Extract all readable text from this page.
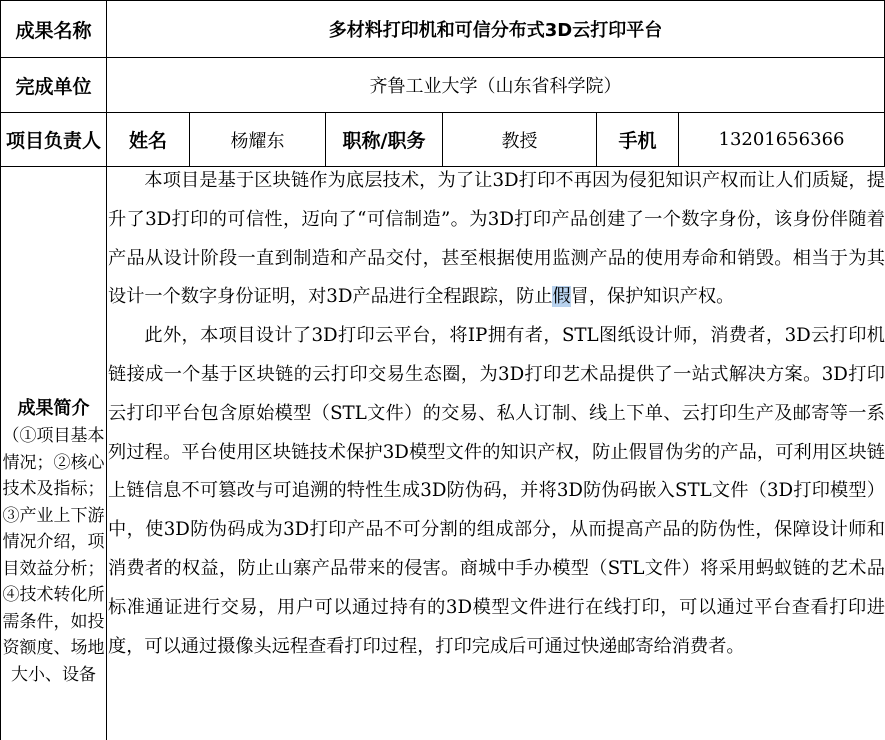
成果名称	多材料打印机和可信分布式3D云打印平台
完成单位	齐鲁工业大学（山东省科学院）
项目负责人	姓名	杨耀东	职称/职务	教授	手机	13201656366
成果简介
（①项目基本情况；②核心技术及指标；③产业上下游情况介绍，项目效益分析；④技术转化所需条件，如投资额度、场地大小、设备

本项目是基于区块链作为底层技术，为了让3D打印不再因为侵犯知识产权而让人们质疑，提升了3D打印的可信性，迈向了“可信制造”。为3D打印产品创建了一个数字身份，该身份伴随着产品从设计阶段一直到制造和产品交付，甚至根据使用监测产品的使用寿命和销毁。相当于为其设计一个数字身份证明，对3D产品进行全程跟踪，防止假冒，保护知识产权。

此外，本项目设计了3D打印云平台，将IP拥有者，STL图纸设计师，消费者，3D云打印机链接成一个基于区块链的云打印交易生态圈，为3D打印艺术品提供了一站式解决方案。3D打印云打印平台包含原始模型（STL文件）的交易、私人订制、线上下单、云打印生产及邮寄等一系列过程。平台使用区块链技术保护3D模型文件的知识产权，防止假冒伪劣的产品，可利用区块链上链信息不可篡改与可追溯的特性生成3D防伪码，并将3D防伪码嵌入STL文件（3D打印模型）中，使3D防伪码成为3D打印产品不可分割的组成部分，从而提高产品的防伪性，保障设计师和消费者的权益，防止山寨产品带来的侵害。商城中手办模型（STL文件）将采用蚂蚁链的艺术品标准通证进行交易，用户可以通过持有的3D模型文件进行在线打印，可以通过平台查看打印进度，可以通过摄像头远程查看打印过程，打印完成后可通过快递邮寄给消费者。
